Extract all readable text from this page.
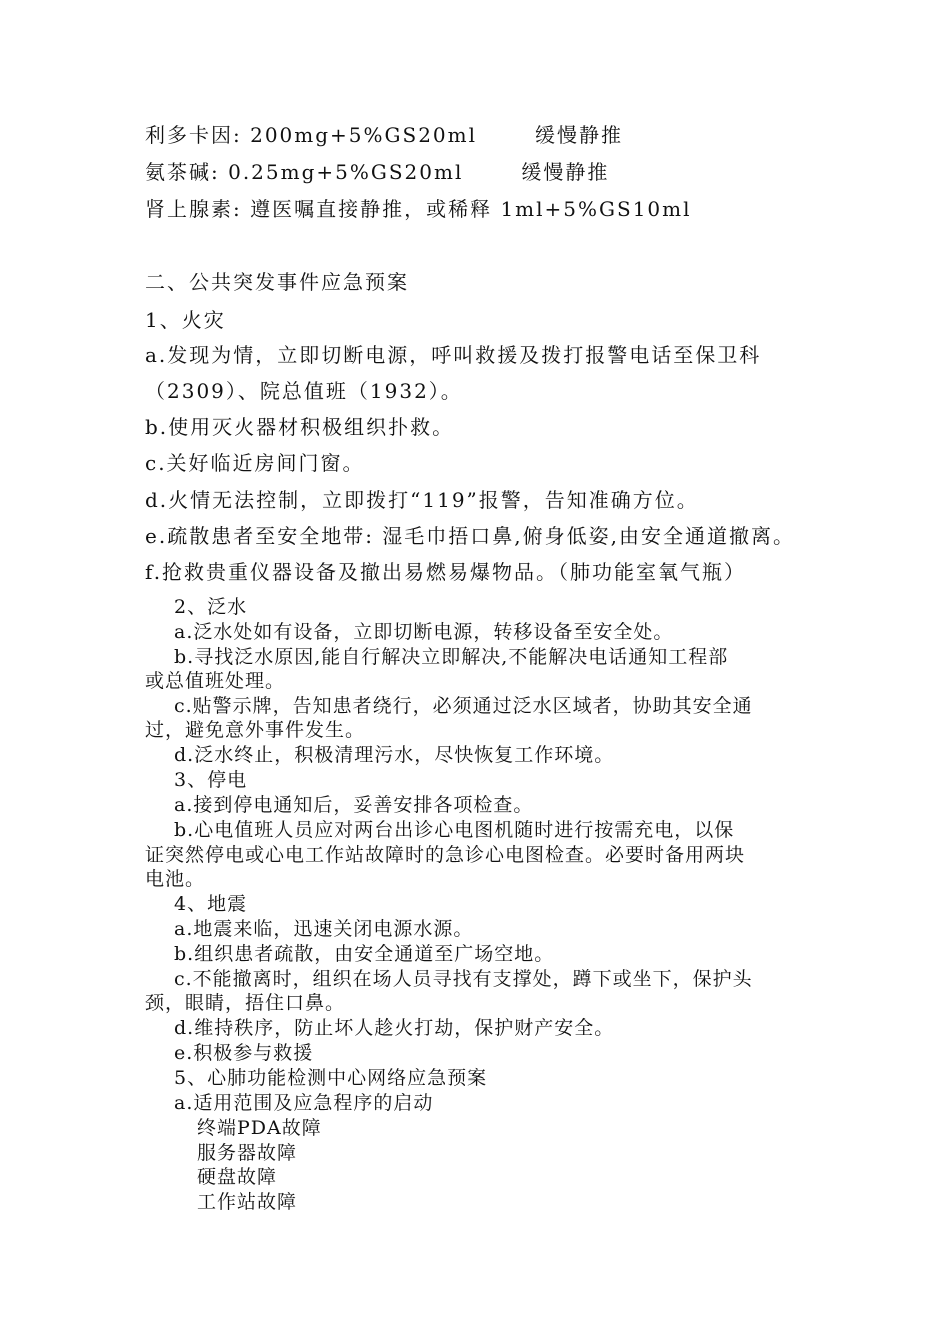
利多卡因: 200mg+5%GS20ml	缓慢静推
氨茶碱: 0.25mg+5%GS20ml	缓慢静推
肾上腺素: 遵医嘱直接静推，或稀释 1ml+5%GS10ml
二、公共突发事件应急预案
1、火灾
a.发现为情，立即切断电源，呼叫救援及拨打报警电话至保卫科
（2309）、院总值班（1932）。
b.使用灭火器材积极组织扑救。
c.关好临近房间门窗。
d.火情无法控制，立即拨打“119”报警，告知准确方位。
e.疏散患者至安全地带: 湿毛巾捂口鼻,俯身低姿,由安全通道撤离。
f.抢救贵重仪器设备及撤出易燃易爆物品。（肺功能室氧气瓶）
2、泛水
a.泛水处如有设备，立即切断电源，转移设备至安全处。
b.寻找泛水原因,能自行解决立即解决,不能解决电话通知工程部
或总值班处理。
c.贴警示牌，告知患者绕行，必须通过泛水区域者，协助其安全通
过，避免意外事件发生。
d.泛水终止，积极清理污水，尽快恢复工作环境。
3、停电
a.接到停电通知后，妥善安排各项检查。
b.心电值班人员应对两台出诊心电图机随时进行按需充电，以保
证突然停电或心电工作站故障时的急诊心电图检查。必要时备用两块
电池。
4、地震
a.地震来临，迅速关闭电源水源。
b.组织患者疏散，由安全通道至广场空地。
c.不能撤离时，组织在场人员寻找有支撑处，蹲下或坐下，保护头
颈，眼睛，捂住口鼻。
d.维持秩序，防止坏人趁火打劫，保护财产安全。
e.积极参与救援
5、心肺功能检测中心网络应急预案
a.适用范围及应急程序的启动
终端PDA故障
服务器故障
硬盘故障
工作站故障
